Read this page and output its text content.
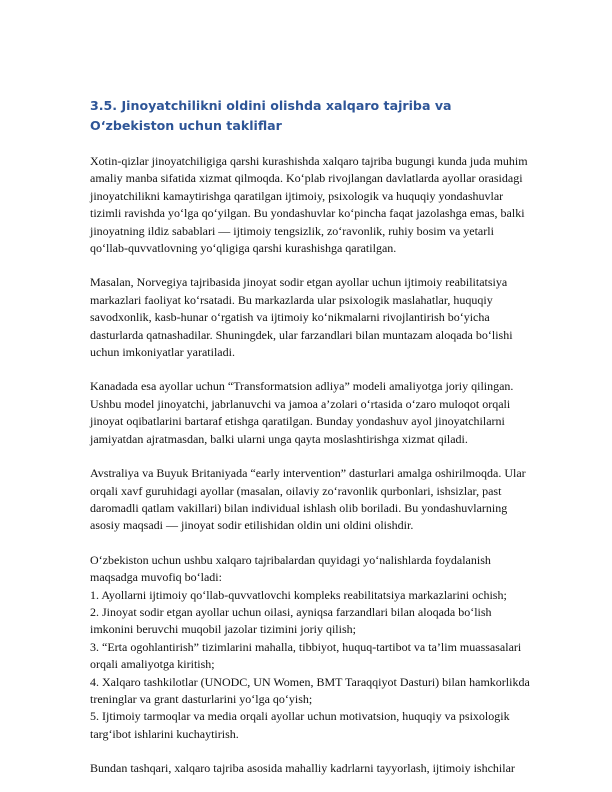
3.5. Jinoyatchilikni oldini olishda xalqaro tajriba va O‘zbekiston uchun takliflar

Xotin-qizlar jinoyatchiligiga qarshi kurashishda xalqaro tajriba bugungi kunda juda muhim amaliy manba sifatida xizmat qilmoqda. Ko‘plab rivojlangan davlatlarda ayollar orasidagi jinoyatchilikni kamaytirishga qaratilgan ijtimoiy, psixologik va huquqiy yondashuvlar tizimli ravishda yo‘lga qo‘yilgan. Bu yondashuvlar ko‘pincha faqat jazolashga emas, balki jinoyatning ildiz sabablari — ijtimoiy tengsizlik, zo‘ravonlik, ruhiy bosim va yetarli qo‘llab-quvvatlovning yo‘qligiga qarshi kurashishga qaratilgan.

Masalan, Norvegiya tajribasida jinoyat sodir etgan ayollar uchun ijtimoiy reabilitatsiya markazlari faoliyat ko‘rsatadi. Bu markazlarda ular psixologik maslahatlar, huquqiy savodxonlik, kasb-hunar o‘rgatish va ijtimoiy ko‘nikmalarni rivojlantirish bo‘yicha dasturlarda qatnashadilar. Shuningdek, ular farzandlari bilan muntazam aloqada bo‘lishi uchun imkoniyatlar yaratiladi.

Kanadada esa ayollar uchun “Transformatsion adliya” modeli amaliyotga joriy qilingan. Ushbu model jinoyatchi, jabrlanuvchi va jamoa a’zolari o‘rtasida o‘zaro muloqot orqali jinoyat oqibatlarini bartaraf etishga qaratilgan. Bunday yondashuv ayol jinoyatchilarni jamiyatdan ajratmasdan, balki ularni unga qayta moslashtirishga xizmat qiladi.

Avstraliya va Buyuk Britaniyada “early intervention” dasturlari amalga oshirilmoqda. Ular orqali xavf guruhidagi ayollar (masalan, oilaviy zo‘ravonlik qurbonlari, ishsizlar, past daromadli qatlam vakillari) bilan individual ishlash olib boriladi. Bu yondashuvlarning asosiy maqsadi — jinoyat sodir etilishidan oldin uni oldini olishdir.

O‘zbekiston uchun ushbu xalqaro tajribalardan quyidagi yo‘nalishlarda foydalanish maqsadga muvofiq bo‘ladi:

1. Ayollarni ijtimoiy qo‘llab-quvvatlovchi kompleks reabilitatsiya markazlarini ochish;
2. Jinoyat sodir etgan ayollar uchun oilasi, ayniqsa farzandlari bilan aloqada bo‘lish imkonini beruvchi muqobil jazolar tizimini joriy qilish;
3. “Erta ogohlantirish” tizimlarini mahalla, tibbiyot, huquq-tartibot va ta’lim muassasalari orqali amaliyotga kiritish;
4. Xalqaro tashkilotlar (UNODC, UN Women, BMT Taraqqiyot Dasturi) bilan hamkorlikda treninglar va grant dasturlarini yo‘lga qo‘yish;
5. Ijtimoiy tarmoqlar va media orqali ayollar uchun motivatsion, huquqiy va psixologik targ‘ibot ishlarini kuchaytirish.

Bundan tashqari, xalqaro tajriba asosida mahalliy kadrlarni tayyorlash, ijtimoiy ishchilar
